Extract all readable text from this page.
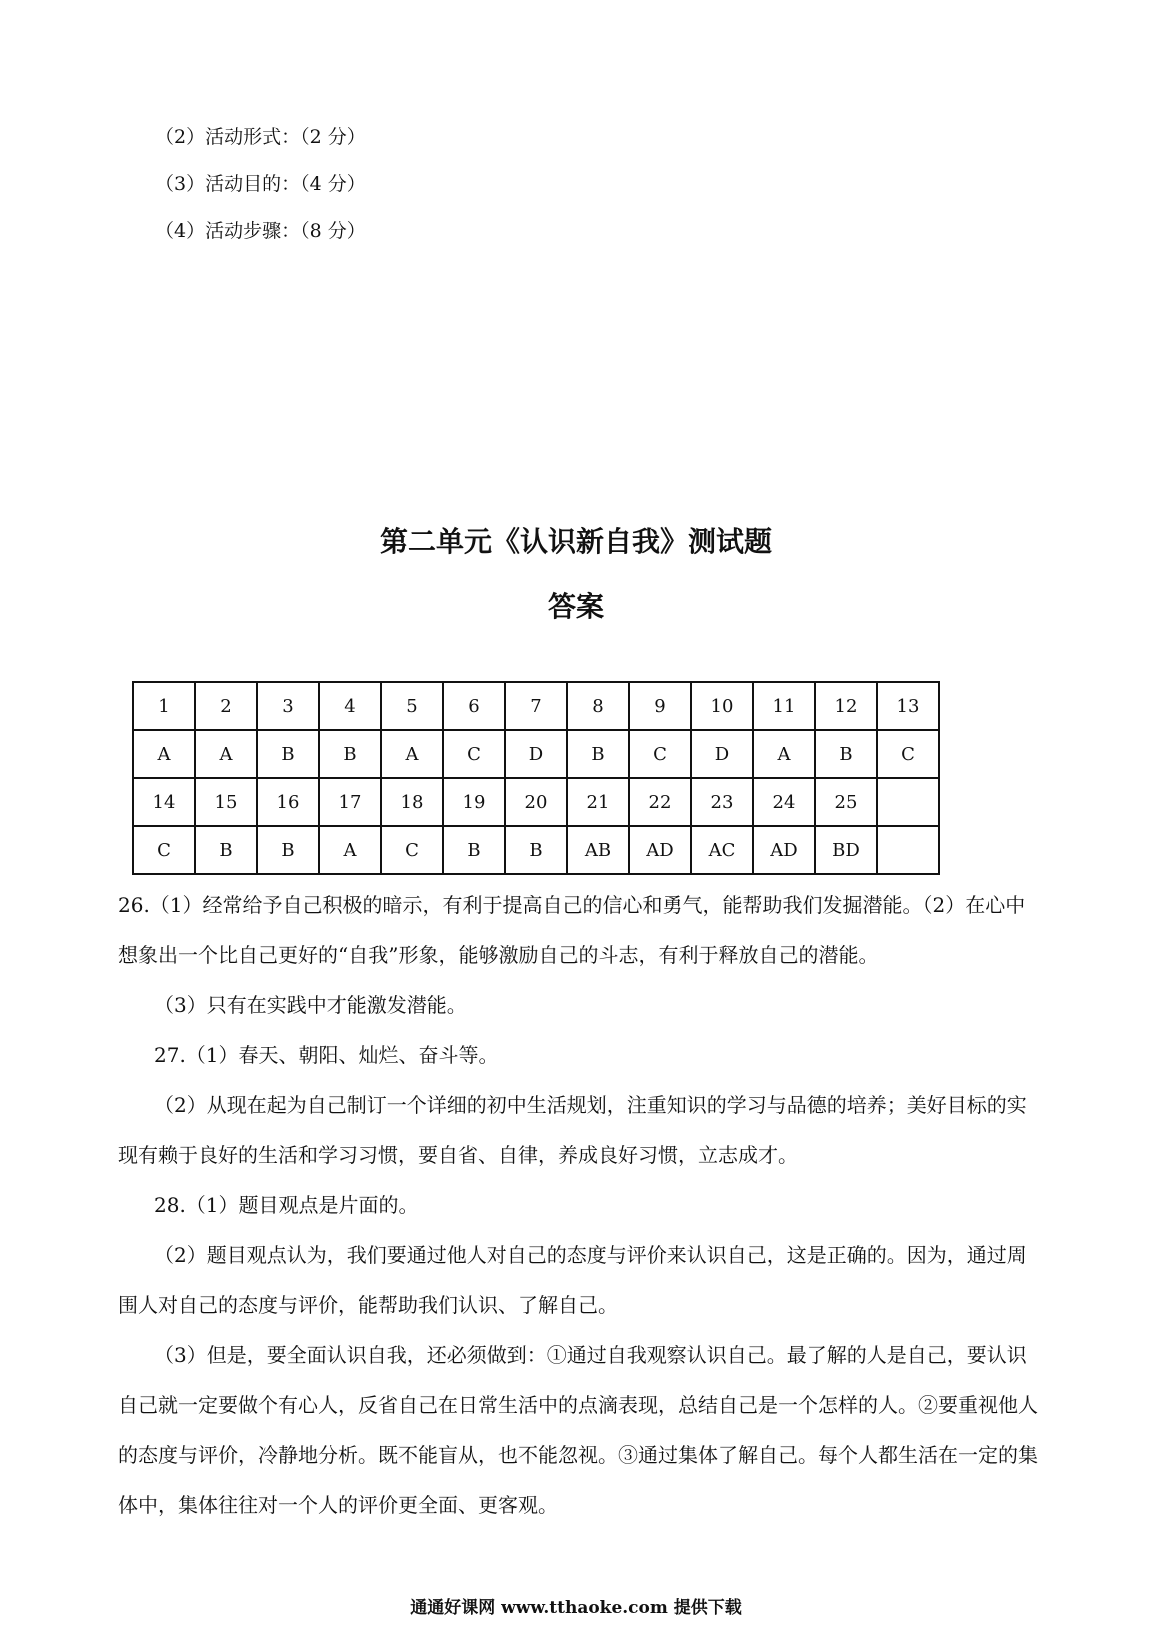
（2）活动形式：（2 分）
（3）活动目的：（4 分）
（4）活动步骤：（8 分）
第二单元《认识新自我》测试题
答案
1	2	3	4	5	6	7	8	9	10	11	12	13
A	A	B	B	A	C	D	B	C	D	A	B	C
14	15	16	17	18	19	20	21	22	23	24	25	
C	B	B	A	C	B	B	AB	AD	AC	AD	BD	

26.（1）经常给予自己积极的暗示，有利于提高自己的信心和勇气，能帮助我们发掘潜能。（2）在心中想象出一个比自己更好的“自我”形象，能够激励自己的斗志，有利于释放自己的潜能。

（3）只有在实践中才能激发潜能。

27.（1）春天、朝阳、灿烂、奋斗等。

（2）从现在起为自己制订一个详细的初中生活规划，注重知识的学习与品德的培养；美好目标的实现有赖于良好的生活和学习习惯，要自省、自律，养成良好习惯，立志成才。

28.（1）题目观点是片面的。

（2）题目观点认为，我们要通过他人对自己的态度与评价来认识自己，这是正确的。因为，通过周围人对自己的态度与评价，能帮助我们认识、了解自己。

（3）但是，要全面认识自我，还必须做到：①通过自我观察认识自己。最了解的人是自己，要认识自己就一定要做个有心人，反省自己在日常生活中的点滴表现，总结自己是一个怎样的人。②要重视他人的态度与评价，冷静地分析。既不能盲从，也不能忽视。③通过集体了解自己。每个人都生活在一定的集体中，集体往往对一个人的评价更全面、更客观。

通通好课网 www.tthaoke.com 提供下载
